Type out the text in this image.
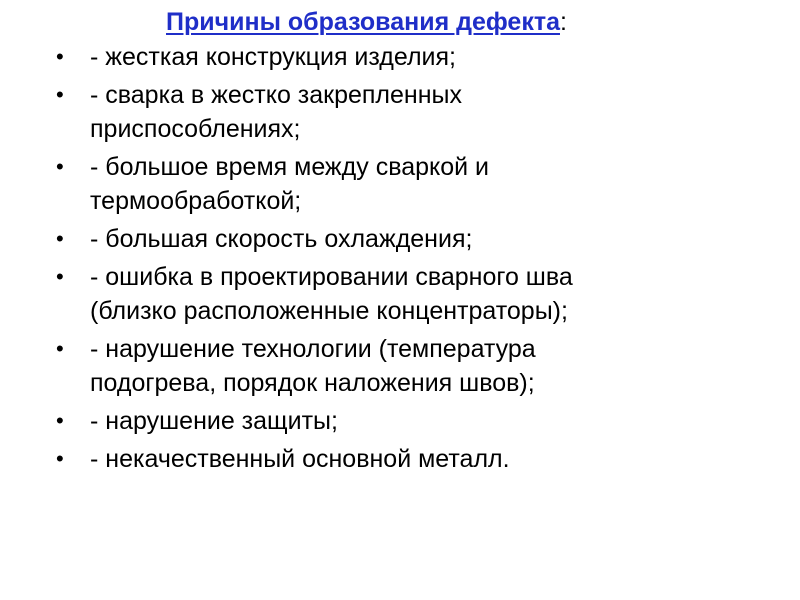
Причины образования дефекта:
•	- жесткая конструкция изделия;
•	- сварка в жестко закрепленных
приспособлениях;
•	- большое время между сваркой и
термообработкой;
•	- большая скорость охлаждения;
•	- ошибка в проектировании сварного шва
(близко расположенные концентраторы);
•	- нарушение технологии (температура
подогрева, порядок наложения швов);
•	- нарушение защиты;
•	- некачественный основной металл.
